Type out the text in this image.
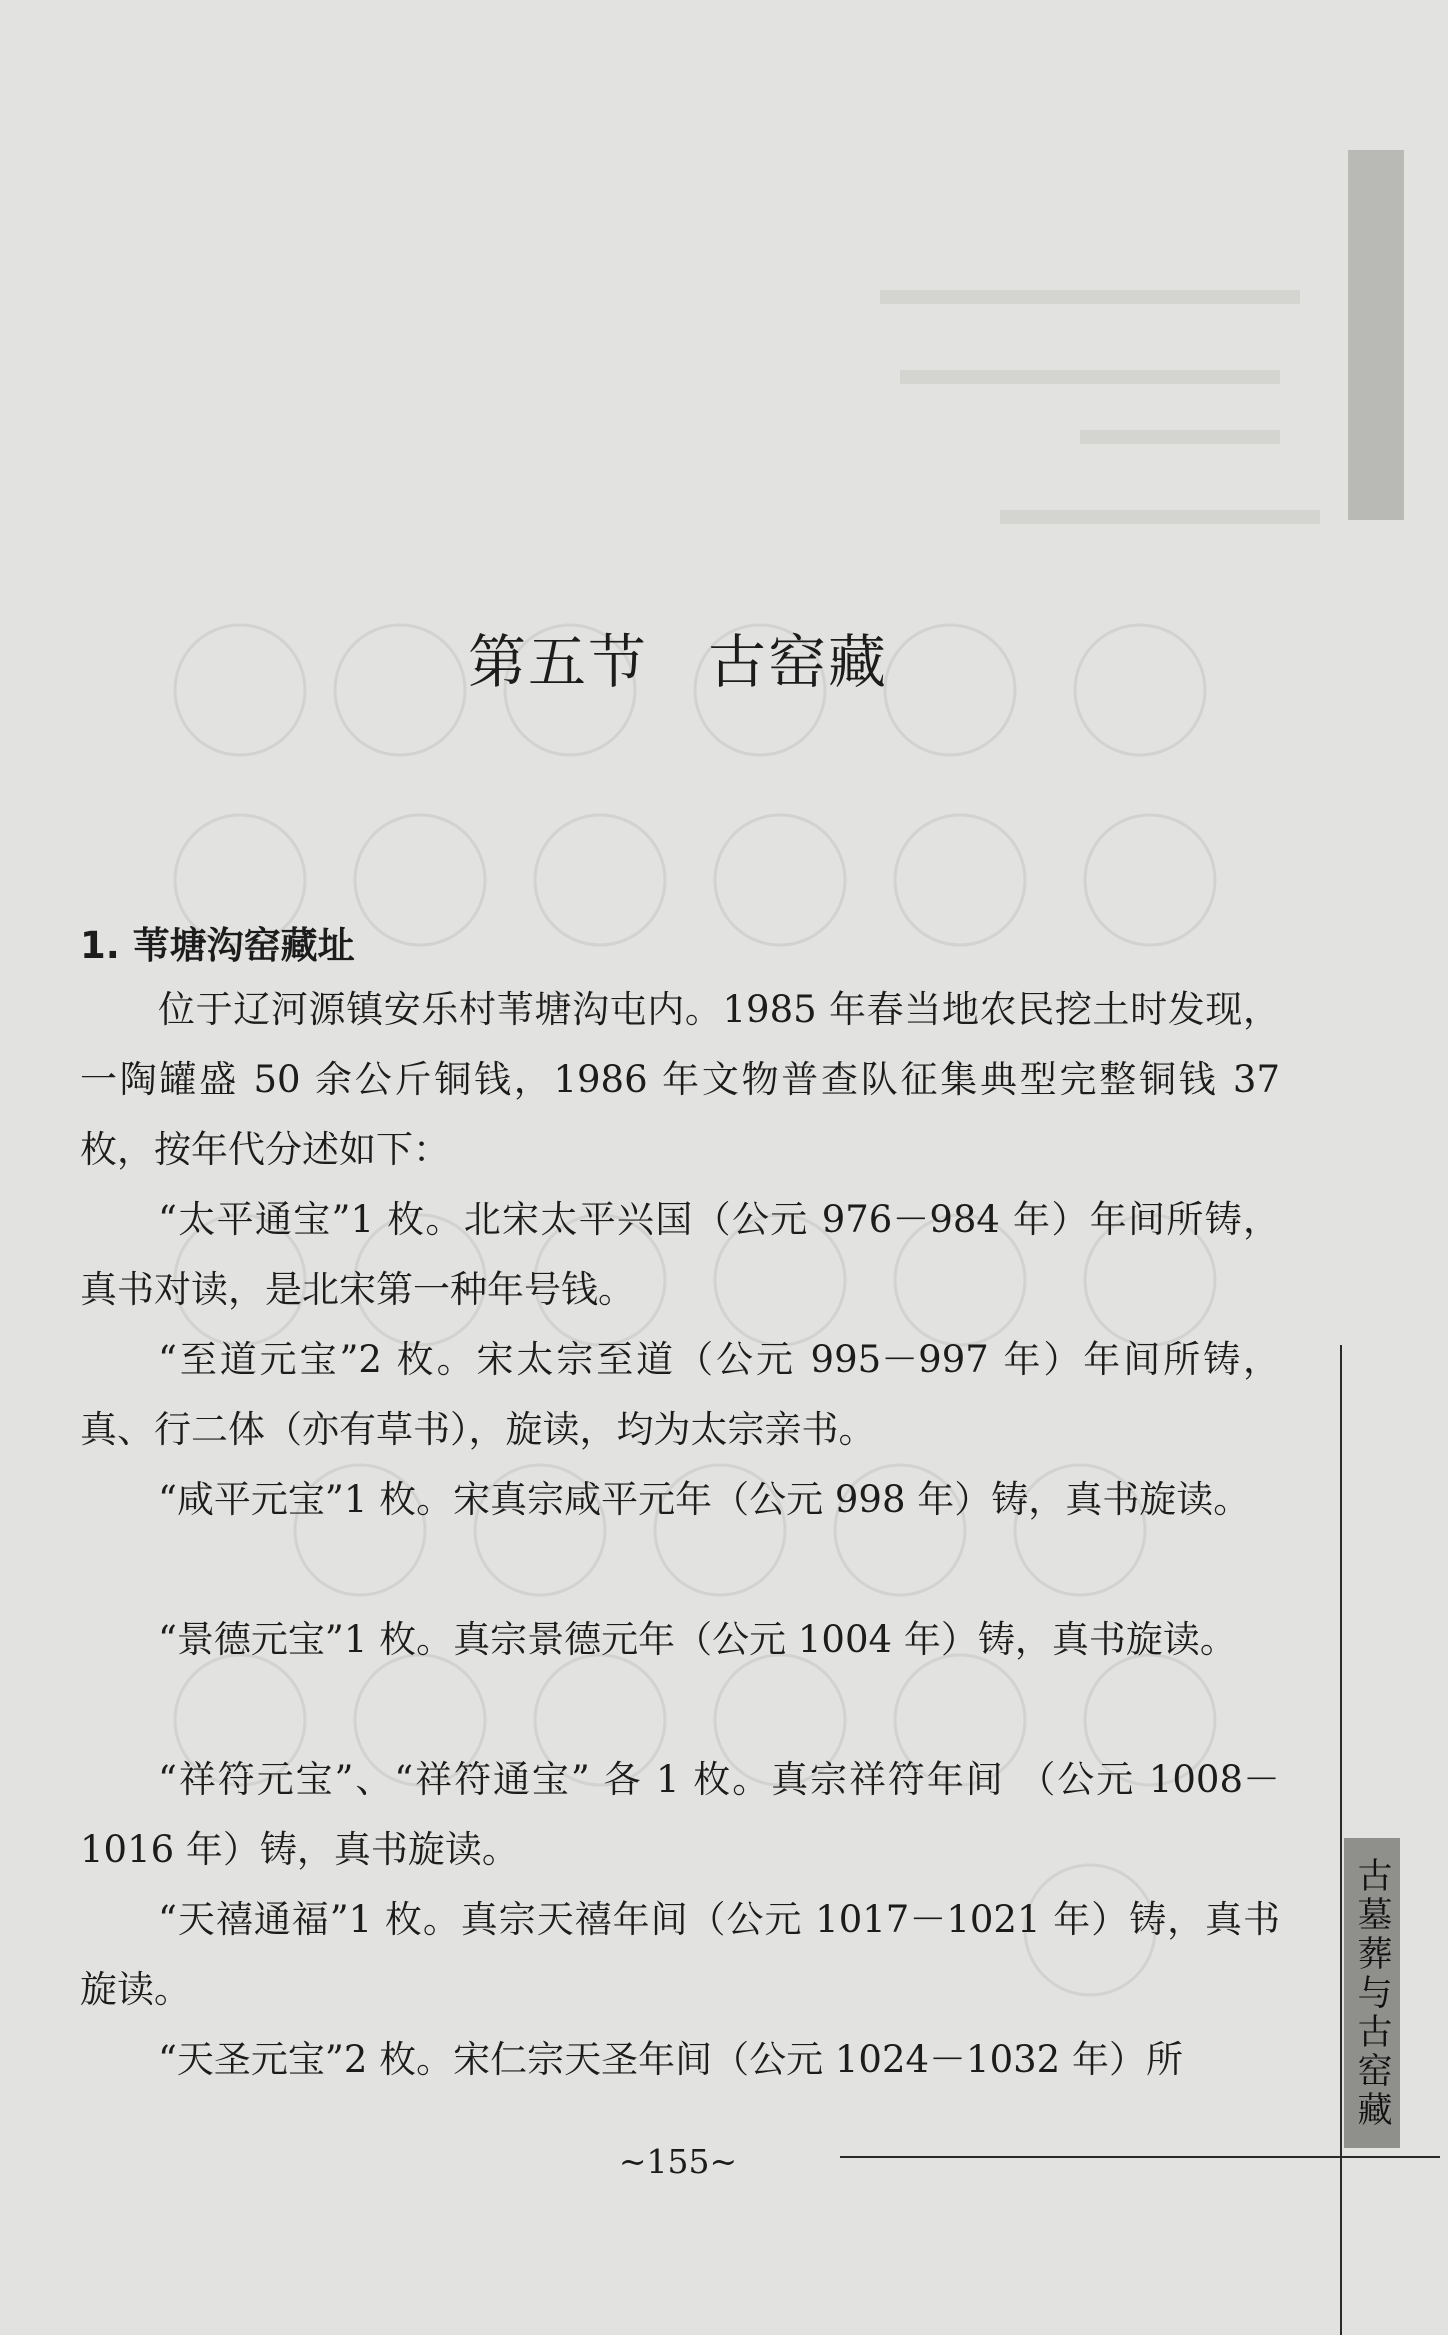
古墓葬与古窑藏
第五节　古窑藏
1. 苇塘沟窑藏址
位于辽河源镇安乐村苇塘沟屯内。1985 年春当地农民挖土时发现，一陶罐盛 50 余公斤铜钱，1986 年文物普查队征集典型完整铜钱 37 枚，按年代分述如下：
“太平通宝”1 枚。北宋太平兴国（公元 976－984 年）年间所铸，真书对读，是北宋第一种年号钱。
“至道元宝”2 枚。宋太宗至道（公元 995－997 年）年间所铸，真、行二体（亦有草书），旋读，均为太宗亲书。
“咸平元宝”1 枚。宋真宗咸平元年（公元 998 年）铸，真书旋读。
“景德元宝”1 枚。真宗景德元年（公元 1004 年）铸，真书旋读。
“祥符元宝”、“祥符通宝” 各 1 枚。真宗祥符年间 （公元 1008－1016 年）铸，真书旋读。
“天禧通福”1 枚。真宗天禧年间（公元 1017－1021 年）铸，真书旋读。
“天圣元宝”2 枚。宋仁宗天圣年间（公元 1024－1032 年）所
~155~
